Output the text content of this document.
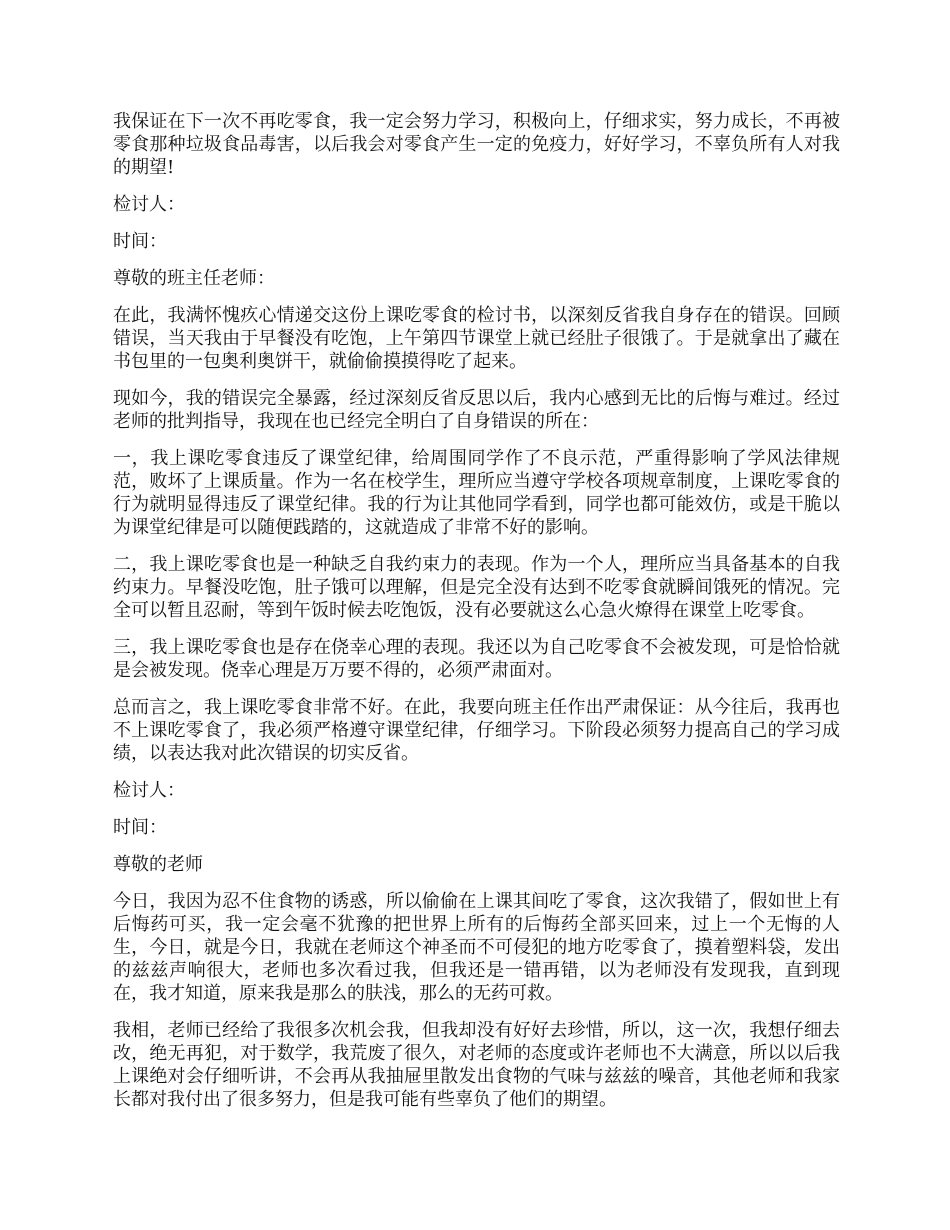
我保证在下一次不再吃零食，我一定会努力学习，积极向上，仔细求实，努力成长，不再被零食那种垃圾食品毒害，以后我会对零食产生一定的免疫力，好好学习，不辜负所有人对我的期望!

检讨人：

时间：

尊敬的班主任老师：

在此，我满怀愧疚心情递交这份上课吃零食的检讨书，以深刻反省我自身存在的错误。回顾错误，当天我由于早餐没有吃饱，上午第四节课堂上就已经肚子很饿了。于是就拿出了藏在书包里的一包奥利奥饼干，就偷偷摸摸得吃了起来。

现如今，我的错误完全暴露，经过深刻反省反思以后，我内心感到无比的后悔与难过。经过老师的批判指导，我现在也已经完全明白了自身错误的所在：

一，我上课吃零食违反了课堂纪律，给周围同学作了不良示范，严重得影响了学风法律规范，败坏了上课质量。作为一名在校学生，理所应当遵守学校各项规章制度，上课吃零食的行为就明显得违反了课堂纪律。我的行为让其他同学看到，同学也都可能效仿，或是干脆以为课堂纪律是可以随便践踏的，这就造成了非常不好的影响。

二，我上课吃零食也是一种缺乏自我约束力的表现。作为一个人，理所应当具备基本的自我约束力。早餐没吃饱，肚子饿可以理解，但是完全没有达到不吃零食就瞬间饿死的情况。完全可以暂且忍耐，等到午饭时候去吃饱饭，没有必要就这么心急火燎得在课堂上吃零食。

三，我上课吃零食也是存在侥幸心理的表现。我还以为自己吃零食不会被发现，可是恰恰就是会被发现。侥幸心理是万万要不得的，必须严肃面对。

总而言之，我上课吃零食非常不好。在此，我要向班主任作出严肃保证：从今往后，我再也不上课吃零食了，我必须严格遵守课堂纪律，仔细学习。下阶段必须努力提高自己的学习成绩，以表达我对此次错误的切实反省。

检讨人：

时间：

尊敬的老师

今日，我因为忍不住食物的诱惑，所以偷偷在上课其间吃了零食，这次我错了，假如世上有后悔药可买，我一定会毫不犹豫的把世界上所有的后悔药全部买回来，过上一个无悔的人生，今日，就是今日，我就在老师这个神圣而不可侵犯的地方吃零食了，摸着塑料袋，发出的兹兹声响很大，老师也多次看过我，但我还是一错再错，以为老师没有发现我，直到现在，我才知道，原来我是那么的肤浅，那么的无药可救。

我相，老师已经给了我很多次机会我，但我却没有好好去珍惜，所以，这一次，我想仔细去改，绝无再犯，对于数学，我荒废了很久，对老师的态度或许老师也不大满意，所以以后我上课绝对会仔细听讲，不会再从我抽屉里散发出食物的气味与兹兹的噪音，其他老师和我家长都对我付出了很多努力，但是我可能有些辜负了他们的期望。
